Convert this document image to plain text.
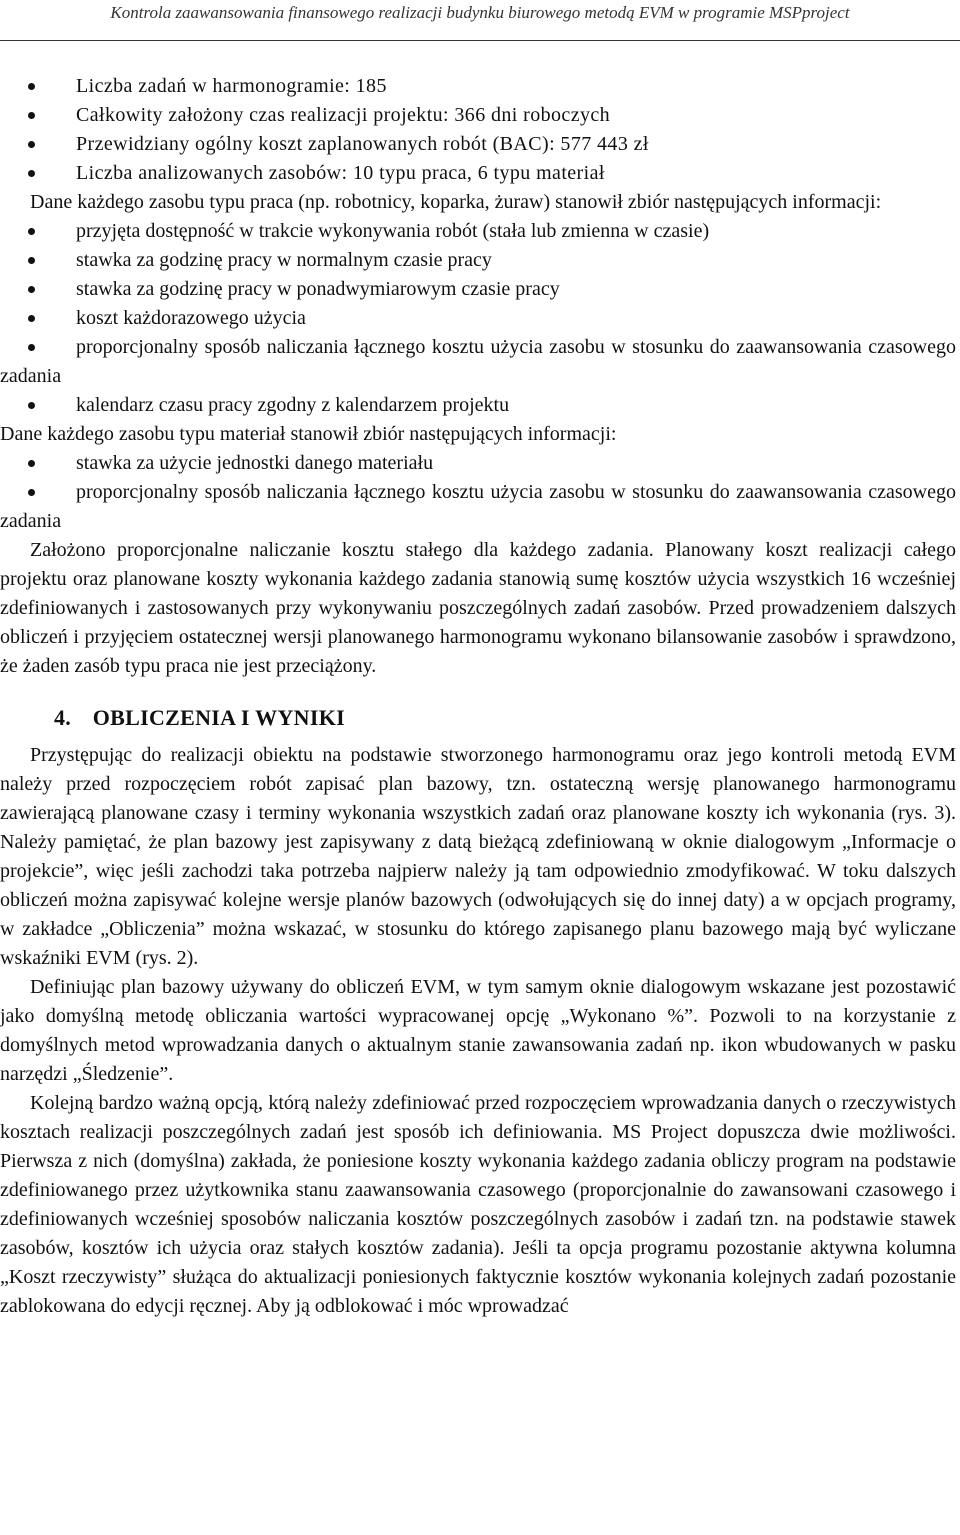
Kontrola zaawansowania finansowego realizacji budynku biurowego metodą EVM w programie MSPproject

Liczba zadań w harmonogramie: 185

Całkowity założony czas realizacji projektu: 366 dni roboczych

Przewidziany ogólny koszt zaplanowanych robót (BAC): 577 443 zł

Liczba analizowanych zasobów: 10 typu praca, 6 typu materiał

Dane każdego zasobu typu praca (np. robotnicy, koparka, żuraw) stanowił zbiór następujących informacji:

przyjęta dostępność w trakcie wykonywania robót (stała lub zmienna w czasie)

stawka za godzinę pracy w normalnym czasie pracy

stawka za godzinę pracy w ponadwymiarowym czasie pracy

koszt każdorazowego użycia

proporcjonalny sposób naliczania łącznego kosztu użycia zasobu w stosunku do zaawansowania czasowego zadania

kalendarz czasu pracy zgodny z kalendarzem projektu

Dane każdego zasobu typu materiał stanowił zbiór następujących informacji:

stawka za użycie jednostki danego materiału

proporcjonalny sposób naliczania łącznego kosztu użycia zasobu w stosunku do zaawansowania czasowego zadania

Założono proporcjonalne naliczanie kosztu stałego dla każdego zadania. Planowany koszt realizacji całego projektu oraz planowane koszty wykonania każdego zadania stanowią sumę kosztów użycia wszystkich 16 wcześniej zdefiniowanych i zastosowanych przy wykonywaniu poszczególnych zadań zasobów. Przed prowadzeniem dalszych obliczeń i przyjęciem ostatecznej wersji planowanego harmonogramu wykonano bilansowanie zasobów i sprawdzono, że żaden zasób typu praca nie jest przeciążony.

4. OBLICZENIA I WYNIKI

Przystępując do realizacji obiektu na podstawie stworzonego harmonogramu oraz jego kontroli metodą EVM należy przed rozpoczęciem robót zapisać plan bazowy, tzn. ostateczną wersję planowanego harmonogramu zawierającą planowane czasy i terminy wykonania wszystkich zadań oraz planowane koszty ich wykonania (rys. 3). Należy pamiętać, że plan bazowy jest zapisywany z datą bieżącą zdefiniowaną w oknie dialogowym „Informacje o projekcie”, więc jeśli zachodzi taka potrzeba najpierw należy ją tam odpowiednio zmodyfikować. W toku dalszych obliczeń można zapisywać kolejne wersje planów bazowych (odwołujących się do innej daty) a w opcjach programy, w zakładce „Obliczenia” można wskazać, w stosunku do którego zapisanego planu bazowego mają być wyliczane wskaźniki EVM (rys. 2).

Definiując plan bazowy używany do obliczeń EVM, w tym samym oknie dialogowym wskazane jest pozostawić jako domyślną metodę obliczania wartości wypracowanej opcję „Wykonano %”. Pozwoli to na korzystanie z domyślnych metod wprowadzania danych o aktualnym stanie zawansowania zadań np. ikon wbudowanych w pasku narzędzi „Śledzenie”.

Kolejną bardzo ważną opcją, którą należy zdefiniować przed rozpoczęciem wprowadzania danych o rzeczywistych kosztach realizacji poszczególnych zadań jest sposób ich definiowania. MS Project dopuszcza dwie możliwości. Pierwsza z nich (domyślna) zakłada, że poniesione koszty wykonania każdego zadania obliczy program na podstawie zdefiniowanego przez użytkownika stanu zaawansowania czasowego (proporcjonalnie do zawansowani czasowego i zdefiniowanych wcześniej sposobów naliczania kosztów poszczególnych zasobów i zadań tzn. na podstawie stawek zasobów, kosztów ich użycia oraz stałych kosztów zadania). Jeśli ta opcja programu pozostanie aktywna kolumna „Koszt rzeczywisty” służąca do aktualizacji poniesionych faktycznie kosztów wykonania kolejnych zadań pozostanie zablokowana do edycji ręcznej. Aby ją odblokować i móc wprowadzać
